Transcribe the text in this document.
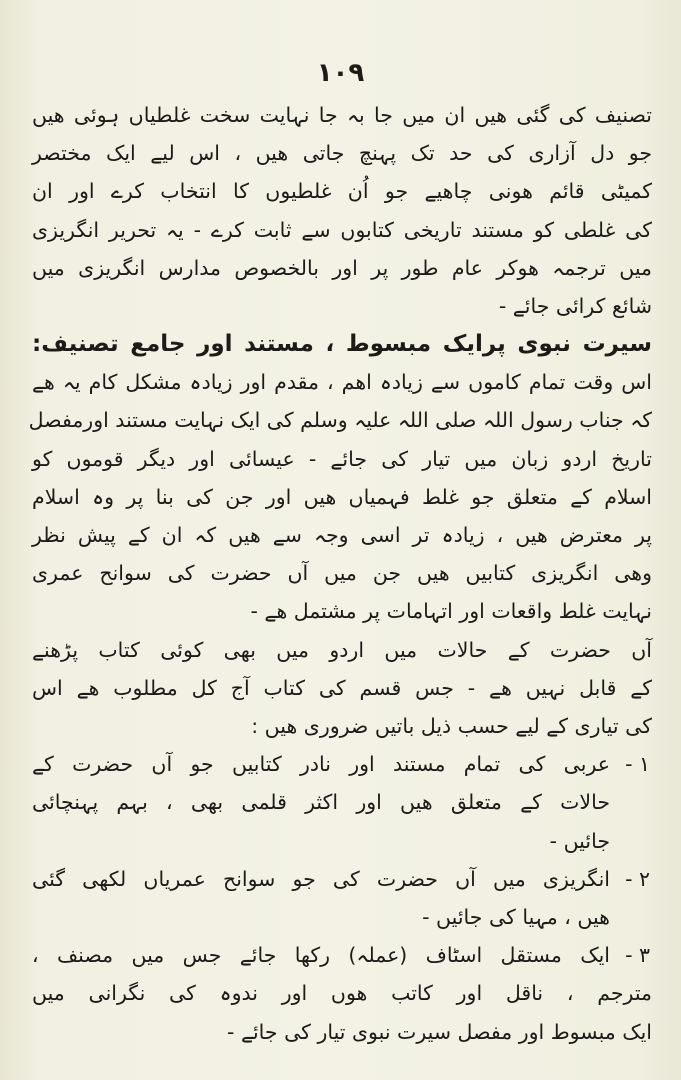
۱۰۹
تصنیف کی گئی ھیں ان میں جا بہ جا نہایت سخت غلطیاں ہوئی ھیں
جو دل آزاری کی حد تک پہنچ جاتی ھیں ، اس لیے ایک مختصر
کمیٹی قائم ھونی چاھیے جو اُن غلطیوں کا انتخاب کرے اور ان
کی غلطی کو مستند تاریخی کتابوں سے ثابت کرے - یہ تحریر انگریزی
میں ترجمہ ھوکر عام طور پر اور بالخصوص مدارس انگریزی میں
شائع کرائی جائے -
سیرت نبوی پرایک مبسوط ، مستند اور جامع تصنیف:
اس وقت تمام کاموں سے زیادہ اھم ، مقدم اور زیادہ مشکل کام یہ ھے
کہ جناب رسول اللہ صلی اللہ علیہ وسلم کی ایک نہایت مستند اورمفصل
تاریخ اردو زبان میں تیار کی جائے - عیسائی اور دیگر قوموں کو
اسلام کے متعلق جو غلط فہمیاں ھیں اور جن کی بنا پر وہ اسلام
پر معترض ھیں ، زیادہ تر اسی وجہ سے ھیں کہ ان کے پیش نظر
وھی انگریزی کتابیں ھیں جن میں آں حضرت کی سوانح عمری
نہایت غلط واقعات اور اتہامات پر مشتمل ھے -
آں حضرت کے حالات میں اردو میں بھی کوئی کتاب پڑھنے
کے قابل نہیں ھے - جس قسم کی کتاب آج کل مطلوب ھے اس
کی تیاری کے لیے حسب ذیل باتیں ضروری ھیں :
۱ -
عربی کی تمام مستند اور نادر کتابیں جو آں حضرت کے
حالات کے متعلق ھیں اور اکثر قلمی بھی ، بہم پہنچائی
جائیں -
۲ -
انگریزی میں آں حضرت کی جو سوانح عمریاں لکھی گئی
ھیں ، مہیا کی جائیں -
۳ -
ایک مستقل اسٹاف (عملہ) رکھا جائے جس میں مصنف ،
مترجم ، ناقل اور کاتب ھوں اور ندوہ کی نگرانی میں
ایک مبسوط اور مفصل سیرت نبوی تیار کی جائے -
